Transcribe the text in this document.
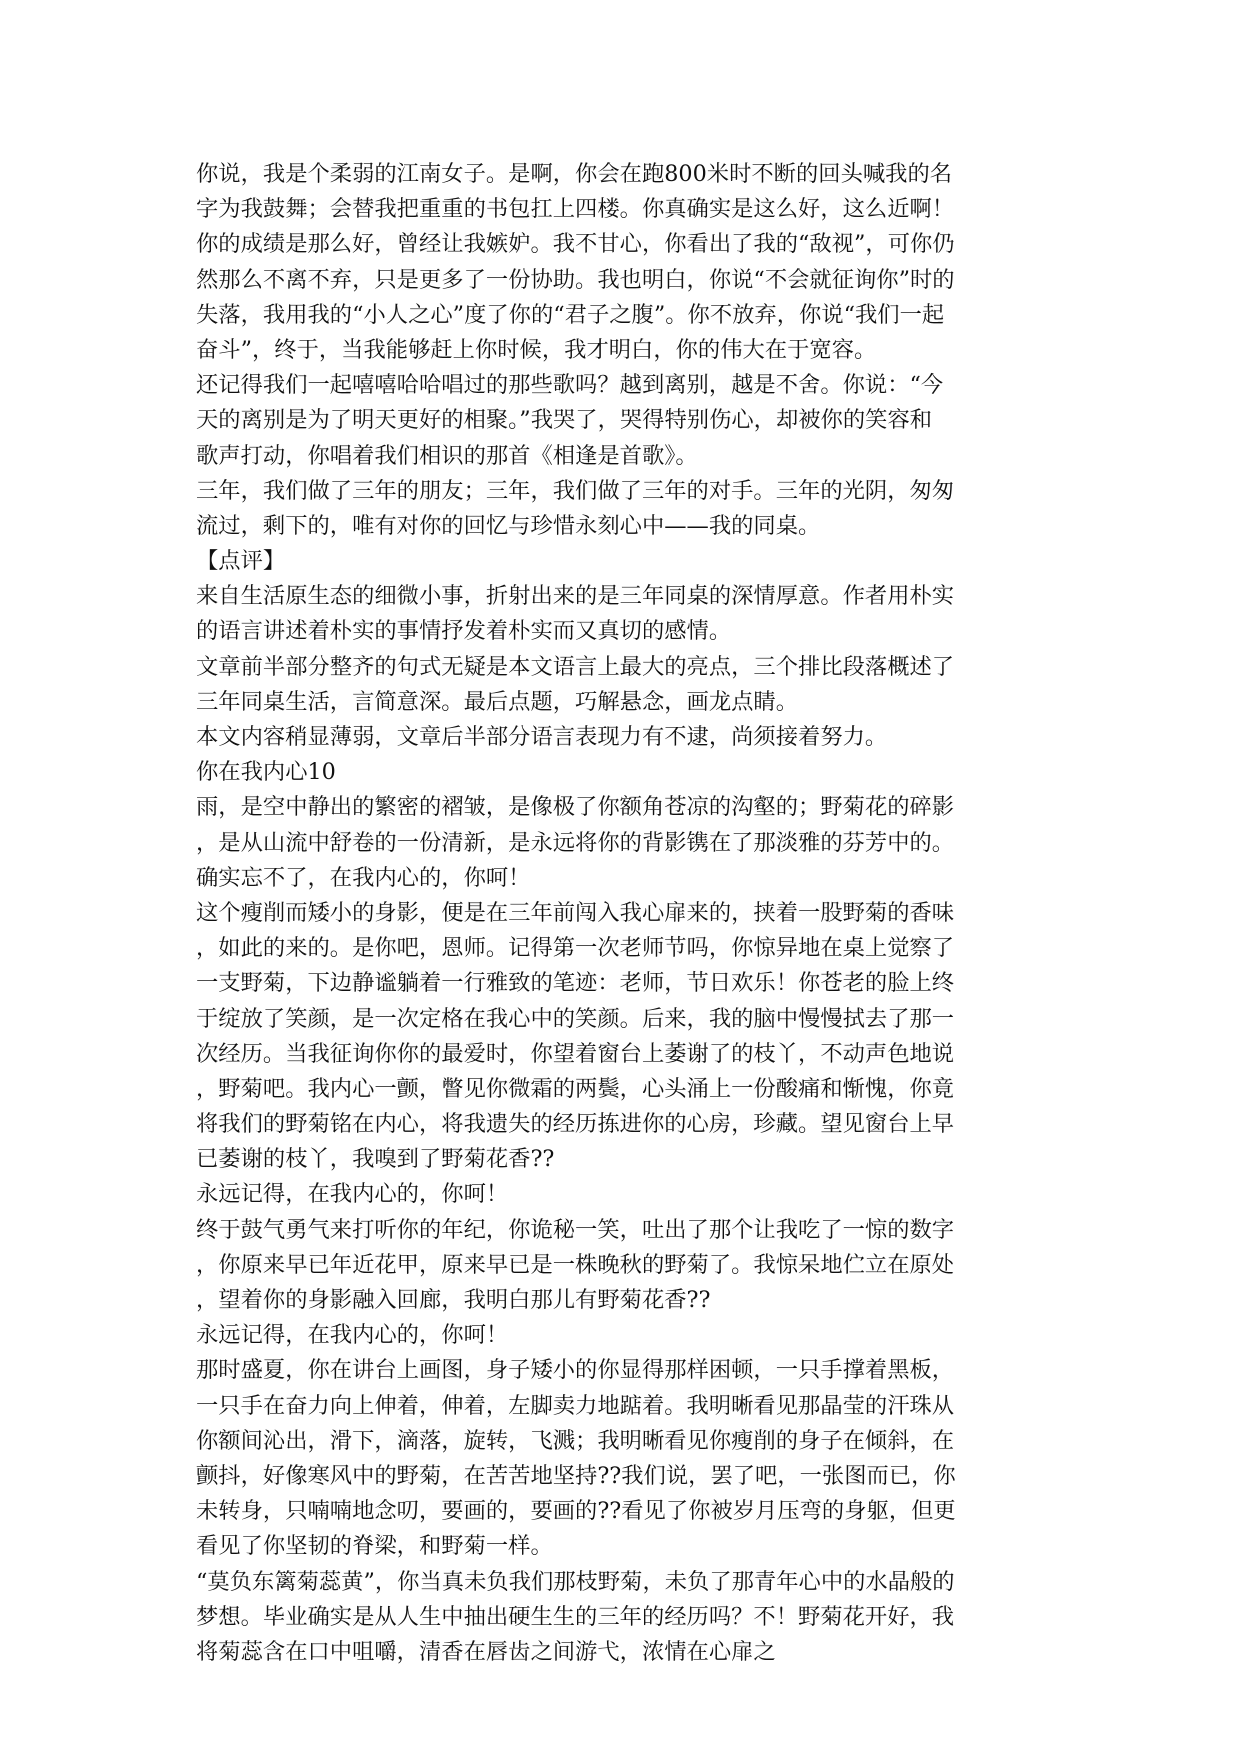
你说，我是个柔弱的江南女子。是啊，你会在跑800米时不断的回头喊我的名
字为我鼓舞；会替我把重重的书包扛上四楼。你真确实是这么好，这么近啊！
你的成绩是那么好，曾经让我嫉妒。我不甘心，你看出了我的“敌视”，可你仍
然那么不离不弃，只是更多了一份协助。我也明白，你说“不会就征询你”时的
失落，我用我的“小人之心”度了你的“君子之腹”。你不放弃，你说“我们一起
奋斗”，终于，当我能够赶上你时候，我才明白，你的伟大在于宽容。
还记得我们一起嘻嘻哈哈唱过的那些歌吗？越到离别，越是不舍。你说：“今
天的离别是为了明天更好的相聚。”我哭了，哭得特别伤心，却被你的笑容和
歌声打动，你唱着我们相识的那首《相逢是首歌》。
三年，我们做了三年的朋友；三年，我们做了三年的对手。三年的光阴，匆匆
流过，剩下的，唯有对你的回忆与珍惜永刻心中——我的同桌。
【点评】
来自生活原生态的细微小事，折射出来的是三年同桌的深情厚意。作者用朴实
的语言讲述着朴实的事情抒发着朴实而又真切的感情。
文章前半部分整齐的句式无疑是本文语言上最大的亮点，三个排比段落概述了
三年同桌生活，言简意深。最后点题，巧解悬念，画龙点睛。
本文内容稍显薄弱，文章后半部分语言表现力有不逮，尚须接着努力。
你在我内心10
雨，是空中静出的繁密的褶皱，是像极了你额角苍凉的沟壑的；野菊花的碎影
，是从山流中舒卷的一份清新，是永远将你的背影镌在了那淡雅的芬芳中的。
确实忘不了，在我内心的，你呵！
这个瘦削而矮小的身影，便是在三年前闯入我心扉来的，挟着一股野菊的香味
，如此的来的。是你吧，恩师。记得第一次老师节吗，你惊异地在桌上觉察了
一支野菊，下边静谧躺着一行雅致的笔迹：老师，节日欢乐！你苍老的脸上终
于绽放了笑颜，是一次定格在我心中的笑颜。后来，我的脑中慢慢拭去了那一
次经历。当我征询你你的最爱时，你望着窗台上萎谢了的枝丫，不动声色地说
，野菊吧。我内心一颤，瞥见你微霜的两鬓，心头涌上一份酸痛和惭愧，你竟
将我们的野菊铭在内心，将我遗失的经历拣进你的心房，珍藏。望见窗台上早
已萎谢的枝丫，我嗅到了野菊花香??
永远记得，在我内心的，你呵！
终于鼓气勇气来打听你的年纪，你诡秘一笑，吐出了那个让我吃了一惊的数字
，你原来早已年近花甲，原来早已是一株晚秋的野菊了。我惊呆地伫立在原处
，望着你的身影融入回廊，我明白那儿有野菊花香??
永远记得，在我内心的，你呵！
那时盛夏，你在讲台上画图，身子矮小的你显得那样困顿，一只手撑着黑板，
一只手在奋力向上伸着，伸着，左脚卖力地踮着。我明晰看见那晶莹的汗珠从
你额间沁出，滑下，滴落，旋转，飞溅；我明晰看见你瘦削的身子在倾斜，在
颤抖，好像寒风中的野菊，在苦苦地坚持??我们说，罢了吧，一张图而已，你
未转身，只喃喃地念叨，要画的，要画的??看见了你被岁月压弯的身躯，但更
看见了你坚韧的脊梁，和野菊一样。
“莫负东篱菊蕊黄”，你当真未负我们那枝野菊，未负了那青年心中的水晶般的
梦想。毕业确实是从人生中抽出硬生生的三年的经历吗？不！野菊花开好，我
将菊蕊含在口中咀嚼，清香在唇齿之间游弋，浓情在心扉之
